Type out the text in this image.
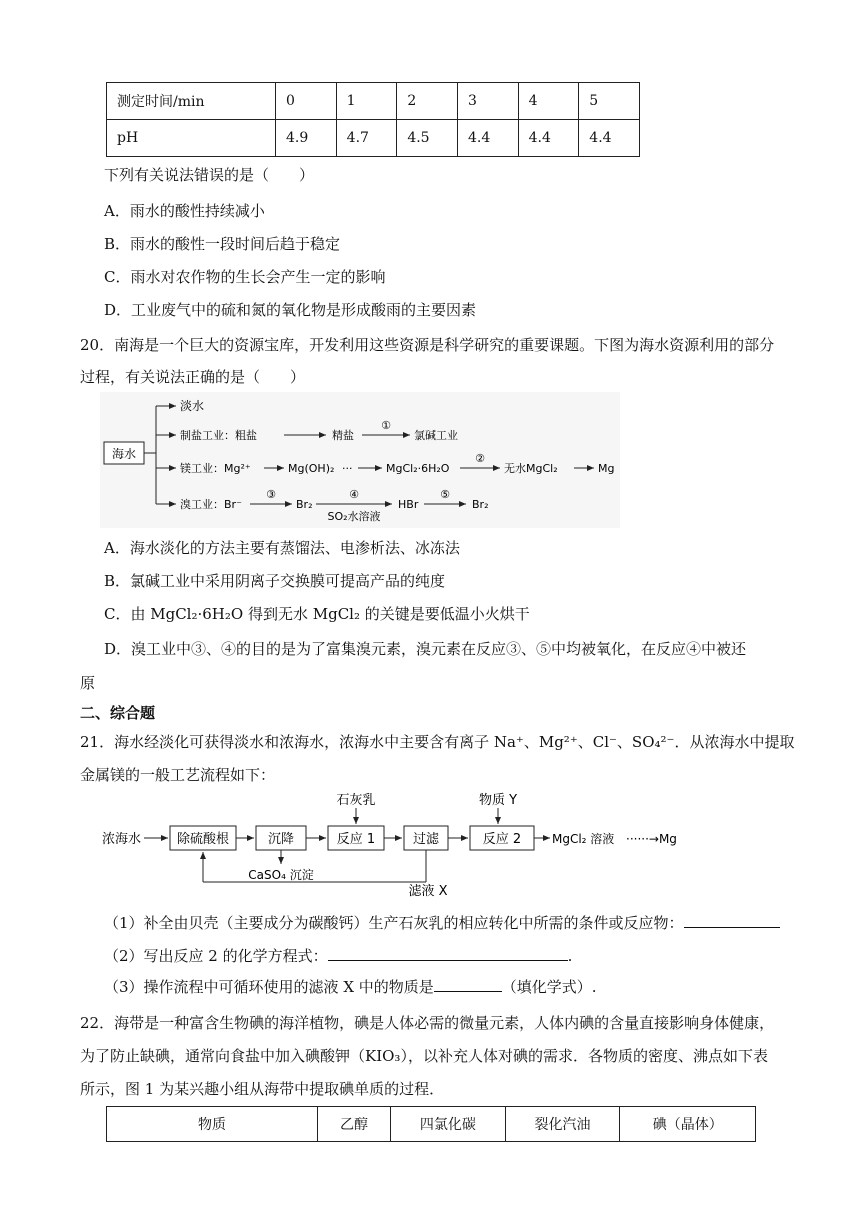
测定时间/min	0	1	2	3	4	5
pH	4.9	4.7	4.5	4.4	4.4	4.4
下列有关说法错误的是（　　）
A．雨水的酸性持续减小
B．雨水的酸性一段时间后趋于稳定
C．雨水对农作物的生长会产生一定的影响
D．工业废气中的硫和氮的氧化物是形成酸雨的主要因素
20．南海是一个巨大的资源宝库，开发利用这些资源是科学研究的重要课题。下图为海水资源利用的部分
过程，有关说法正确的是（　　）
海水
淡水
制盐工业：粗盐	精盐
①
氯碱工业
镁工业：Mg²⁺	Mg(OH)₂ ···	MgCl₂·6H₂O
②
无水MgCl₂	Mg
溴工业：Br⁻
③
Br₂
④
SO₂水溶液
HBr
⑤
Br₂
A．海水淡化的方法主要有蒸馏法、电渗析法、冰冻法
B．氯碱工业中采用阴离子交换膜可提高产品的纯度
C．由 MgCl₂·6H₂O 得到无水 MgCl₂ 的关键是要低温小火烘干
D．溴工业中③、④的目的是为了富集溴元素，溴元素在反应③、⑤中均被氧化，在反应④中被还
原
二、综合题
21．海水经淡化可获得淡水和浓海水，浓海水中主要含有离子 Na⁺、Mg²⁺、Cl⁻、SO₄²⁻．从浓海水中提取
金属镁的一般工艺流程如下：
浓海水	除硫酸根	沉降	反应 1	过滤	反应 2	MgCl₂ 溶液 ······→Mg
石灰乳	物质 Y
CaSO₄ 沉淀
滤液 X
（1）补全由贝壳（主要成分为碳酸钙）生产石灰乳的相应转化中所需的条件或反应物：
（2）写出反应 2 的化学方程式：	.
（3）操作流程中可循环使用的滤液 X 中的物质是	（填化学式）.
22．海带是一种富含生物碘的海洋植物，碘是人体必需的微量元素，人体内碘的含量直接影响身体健康，
为了防止缺碘，通常向食盐中加入碘酸钾（KIO₃），以补充人体对碘的需求．各物质的密度、沸点如下表
所示，图 1 为某兴趣小组从海带中提取碘单质的过程．
物质	乙醇	四氯化碳	裂化汽油	碘（晶体）
